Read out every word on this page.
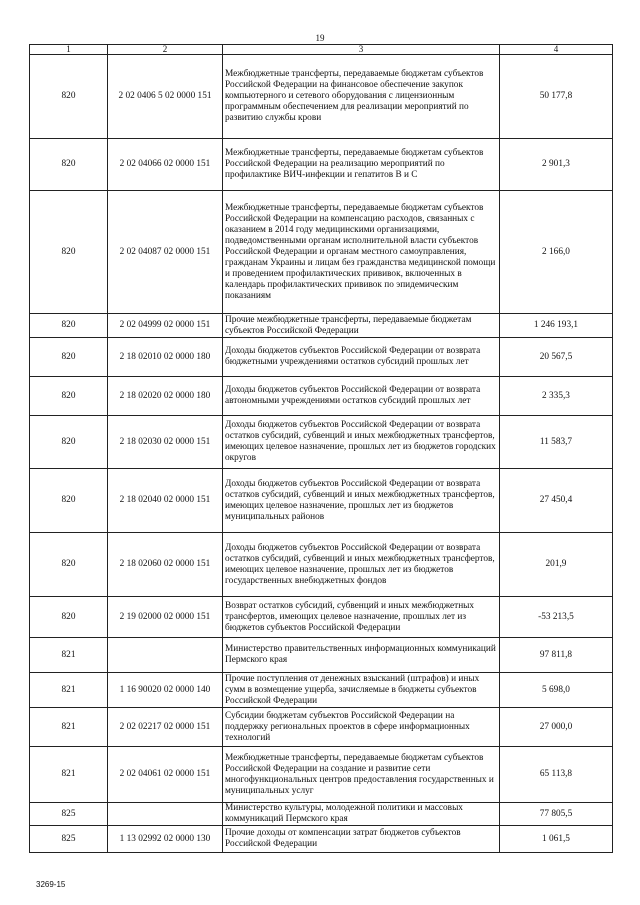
19
1	2	3	4
820	2 02 0406 5 02 0000 151	Межбюджетные трансферты, передаваемые бюджетам субъектов Российской Федерации на финансовое обеспечение закупок компьютерного и сетевого оборудования с лицензионным программным обеспечением для реализации мероприятий по развитию службы крови	50 177,8
820	2 02 04066 02 0000 151	Межбюджетные трансферты, передаваемые бюджетам субъектов Российской Федерации на реализацию мероприятий по профилактике ВИЧ-инфекции и гепатитов В и С	2 901,3
820	2 02 04087 02 0000 151	Межбюджетные трансферты, передаваемые бюджетам субъектов Российской Федерации на компенсацию расходов, связанных с оказанием в 2014 году медицинскими организациями, подведомственными органам исполнительной власти субъектов Российской Федерации и органам местного самоуправления, гражданам Украины и лицам без гражданства медицинской помощи и проведением профилактических прививок, включенных в календарь профилактических прививок по эпидемическим показаниям	2 166,0
820	2 02 04999 02 0000 151	Прочие межбюджетные трансферты, передаваемые бюджетам субъектов Российской Федерации	1 246 193,1
820	2 18 02010 02 0000 180	Доходы бюджетов субъектов Российской Федерации от возврата бюджетными учреждениями остатков субсидий прошлых лет	20 567,5
820	2 18 02020 02 0000 180	Доходы бюджетов субъектов Российской Федерации от возврата автономными учреждениями остатков субсидий прошлых лет	2 335,3
820	2 18 02030 02 0000 151	Доходы бюджетов субъектов Российской Федерации от возврата остатков субсидий, субвенций и иных межбюджетных трансфертов, имеющих целевое назначение, прошлых лет из бюджетов городских округов	11 583,7
820	2 18 02040 02 0000 151	Доходы бюджетов субъектов Российской Федерации от возврата остатков субсидий, субвенций и иных межбюджетных трансфертов, имеющих целевое назначение, прошлых лет из бюджетов муниципальных районов	27 450,4
820	2 18 02060 02 0000 151	Доходы бюджетов субъектов Российской Федерации от возврата остатков субсидий, субвенций и иных межбюджетных трансфертов, имеющих целевое назначение, прошлых лет из бюджетов государственных внебюджетных фондов	201,9
820	2 19 02000 02 0000 151	Возврат остатков субсидий, субвенций и иных межбюджетных трансфертов, имеющих целевое назначение, прошлых лет из бюджетов субъектов Российской Федерации	-53 213,5
821		Министерство правительственных информационных коммуникаций Пермского края	97 811,8
821	1 16 90020 02 0000 140	Прочие поступления от денежных взысканий (штрафов) и иных сумм в возмещение ущерба, зачисляемые в бюджеты субъектов Российской Федерации	5 698,0
821	2 02 02217 02 0000 151	Субсидии бюджетам субъектов Российской Федерации на поддержку региональных проектов в сфере информационных технологий	27 000,0
821	2 02 04061 02 0000 151	Межбюджетные трансферты, передаваемые бюджетам субъектов Российской Федерации на создание и развитие сети многофункциональных центров предоставления государственных и муниципальных услуг	65 113,8
825		Министерство культуры, молодежной политики и массовых коммуникаций Пермского края	77 805,5
825	1 13 02992 02 0000 130	Прочие доходы от компенсации затрат бюджетов субъектов Российской Федерации	1 061,5
3269-15
